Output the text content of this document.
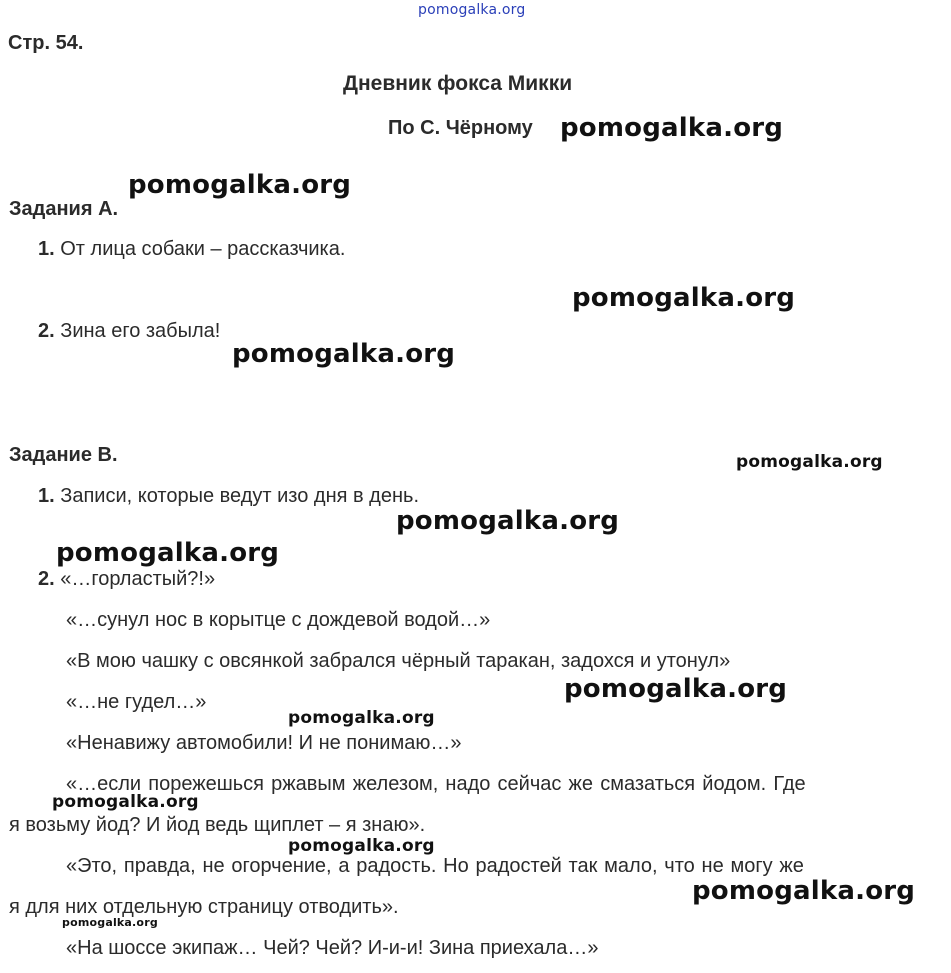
Стр. 54.
Дневник фокса Микки
По С. Чёрному
Задания А.
1. От лица собаки – рассказчика.
2. Зина его забыла!
Задание В.
1. Записи, которые ведут изо дня в день.
2. «…горластый?!»
«…сунул нос в корытце с дождевой водой…»
«В мою чашку с овсянкой забрался чёрный таракан, задохся и утонул»
«…не гудел…»
«Ненавижу автомобили! И не понимаю…»
«…если порежешься ржавым железом, надо сейчас же смазаться йодом. Где
я возьму йод? И йод ведь щиплет – я знаю».
«Это, правда, не огорчение, а радость. Но радостей так мало, что не могу же
я для них отдельную страницу отводить».
«На шоссе экипаж… Чей? Чей? И-и-и! Зина приехала…»
pomogalka.org
pomogalka.org
pomogalka.org
pomogalka.org
pomogalka.org
pomogalka.org
pomogalka.org
pomogalka.org
pomogalka.org
pomogalka.org
pomogalka.org
pomogalka.org
pomogalka.org
pomogalka.org
